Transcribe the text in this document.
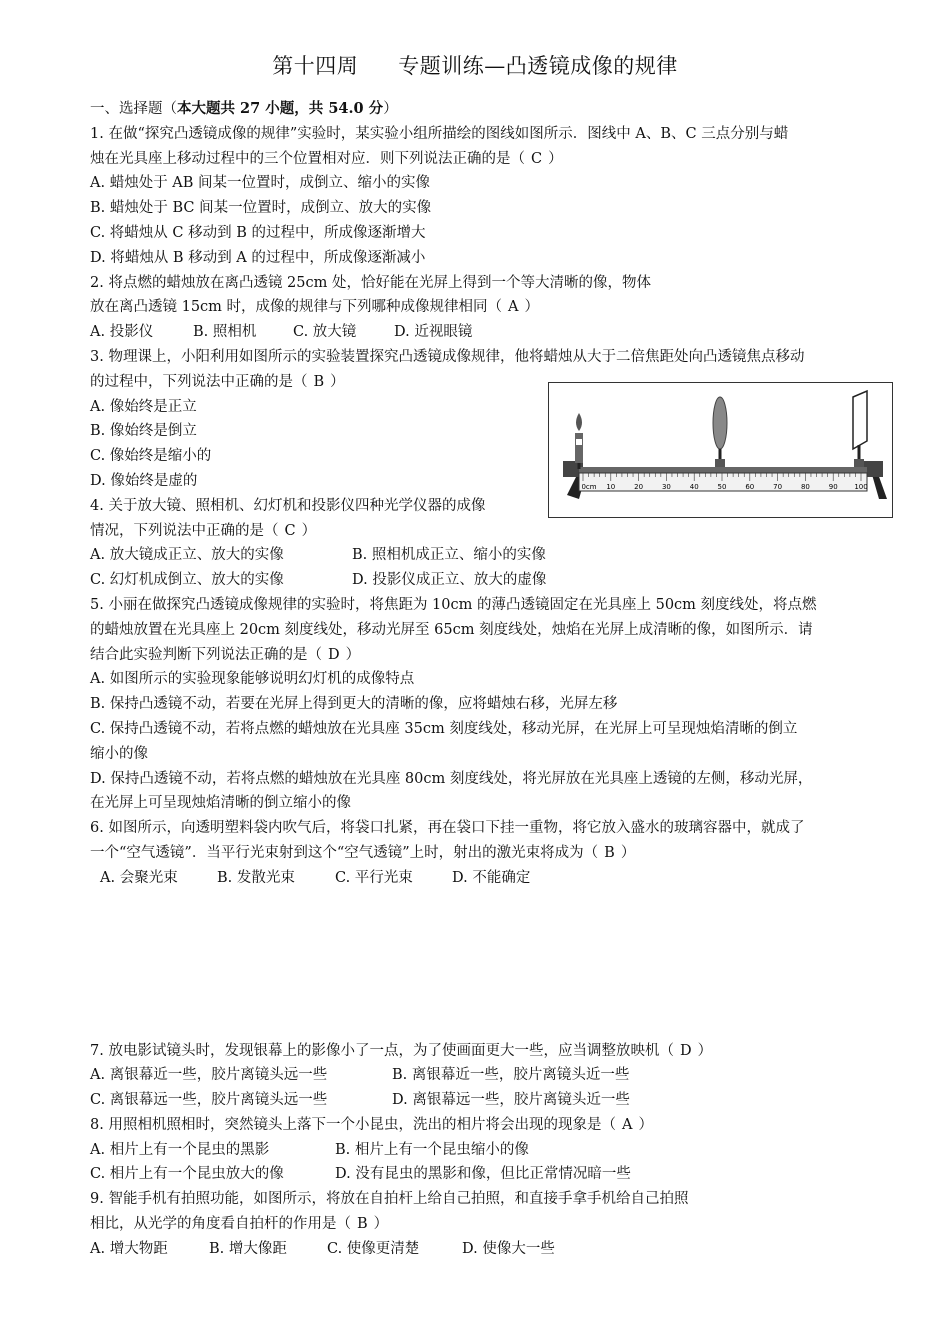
第十四周 专题训练—凸透镜成像的规律
一、选择题（本大题共 27 小题，共 54.0 分）
1. 在做“探究凸透镜成像的规律”实验时，某实验小组所描绘的图线如图所示．图线中 A、B、C 三点分别与蜡
烛在光具座上移动过程中的三个位置相对应．则下列说法正确的是（ C ）
A. 蜡烛处于 AB 间某一位置时，成倒立、缩小的实像
B. 蜡烛处于 BC 间某一位置时，成倒立、放大的实像
C. 将蜡烛从 C 移动到 B 的过程中，所成像逐渐增大
D. 将蜡烛从 B 移动到 A 的过程中，所成像逐渐减小
2. 将点燃的蜡烛放在离凸透镜 25cm 处，恰好能在光屏上得到一个等大清晰的像，物体
放在离凸透镜 15cm 时，成像的规律与下列哪种成像规律相同（ A ）
A. 投影仪	B. 照相机	C. 放大镜	D. 近视眼镜
3. 物理课上，小阳利用如图所示的实验装置探究凸透镜成像规律，他将蜡烛从大于二倍焦距处向凸透镜焦点移动
的过程中，下列说法中正确的是（ B ）
A. 像始终是正立
B. 像始终是倒立
C. 像始终是缩小的
D. 像始终是虚的
4. 关于放大镜、照相机、幻灯机和投影仪四种光学仪器的成像
情况，下列说法中正确的是（ C ）
A. 放大镜成正立、放大的实像	B. 照相机成正立、缩小的实像
C. 幻灯机成倒立、放大的实像	D. 投影仪成正立、放大的虚像
5. 小丽在做探究凸透镜成像规律的实验时，将焦距为 10cm 的薄凸透镜固定在光具座上 50cm 刻度线处，将点燃
的蜡烛放置在光具座上 20cm 刻度线处，移动光屏至 65cm 刻度线处，烛焰在光屏上成清晰的像，如图所示．请
结合此实验判断下列说法正确的是（ D ）
A. 如图所示的实验现象能够说明幻灯机的成像特点
B. 保持凸透镜不动，若要在光屏上得到更大的清晰的像，应将蜡烛右移，光屏左移
C. 保持凸透镜不动，若将点燃的蜡烛放在光具座 35cm 刻度线处，移动光屏，在光屏上可呈现烛焰清晰的倒立
缩小的像
D. 保持凸透镜不动，若将点燃的蜡烛放在光具座 80cm 刻度线处，将光屏放在光具座上透镜的左侧，移动光屏，
在光屏上可呈现烛焰清晰的倒立缩小的像
6. 如图所示，向透明塑料袋内吹气后，将袋口扎紧，再在袋口下挂一重物，将它放入盛水的玻璃容器中，就成了
一个“空气透镜”．当平行光束射到这个“空气透镜”上时，射出的激光束将成为（ B ）
A. 会聚光束	B. 发散光束	C. 平行光束	D. 不能确定
7. 放电影试镜头时，发现银幕上的影像小了一点，为了使画面更大一些，应当调整放映机（ D ）
A. 离银幕近一些，胶片离镜头远一些	B. 离银幕近一些，胶片离镜头近一些
C. 离银幕远一些，胶片离镜头远一些	D. 离银幕远一些，胶片离镜头近一些
8. 用照相机照相时，突然镜头上落下一个小昆虫，洗出的相片将会出现的现象是（ A ）
A. 相片上有一个昆虫的黑影	B. 相片上有一个昆虫缩小的像
C. 相片上有一个昆虫放大的像	D. 没有昆虫的黑影和像，但比正常情况暗一些
9. 智能手机有拍照功能，如图所示，将放在自拍杆上给自己拍照，和直接手拿手机给自己拍照
相比，从光学的角度看自拍杆的作用是（ B ）
A. 增大物距	B. 增大像距	C. 使像更清楚	D. 使像大一些
0cm 10	20	30	40	50	60	70	80	90 100
